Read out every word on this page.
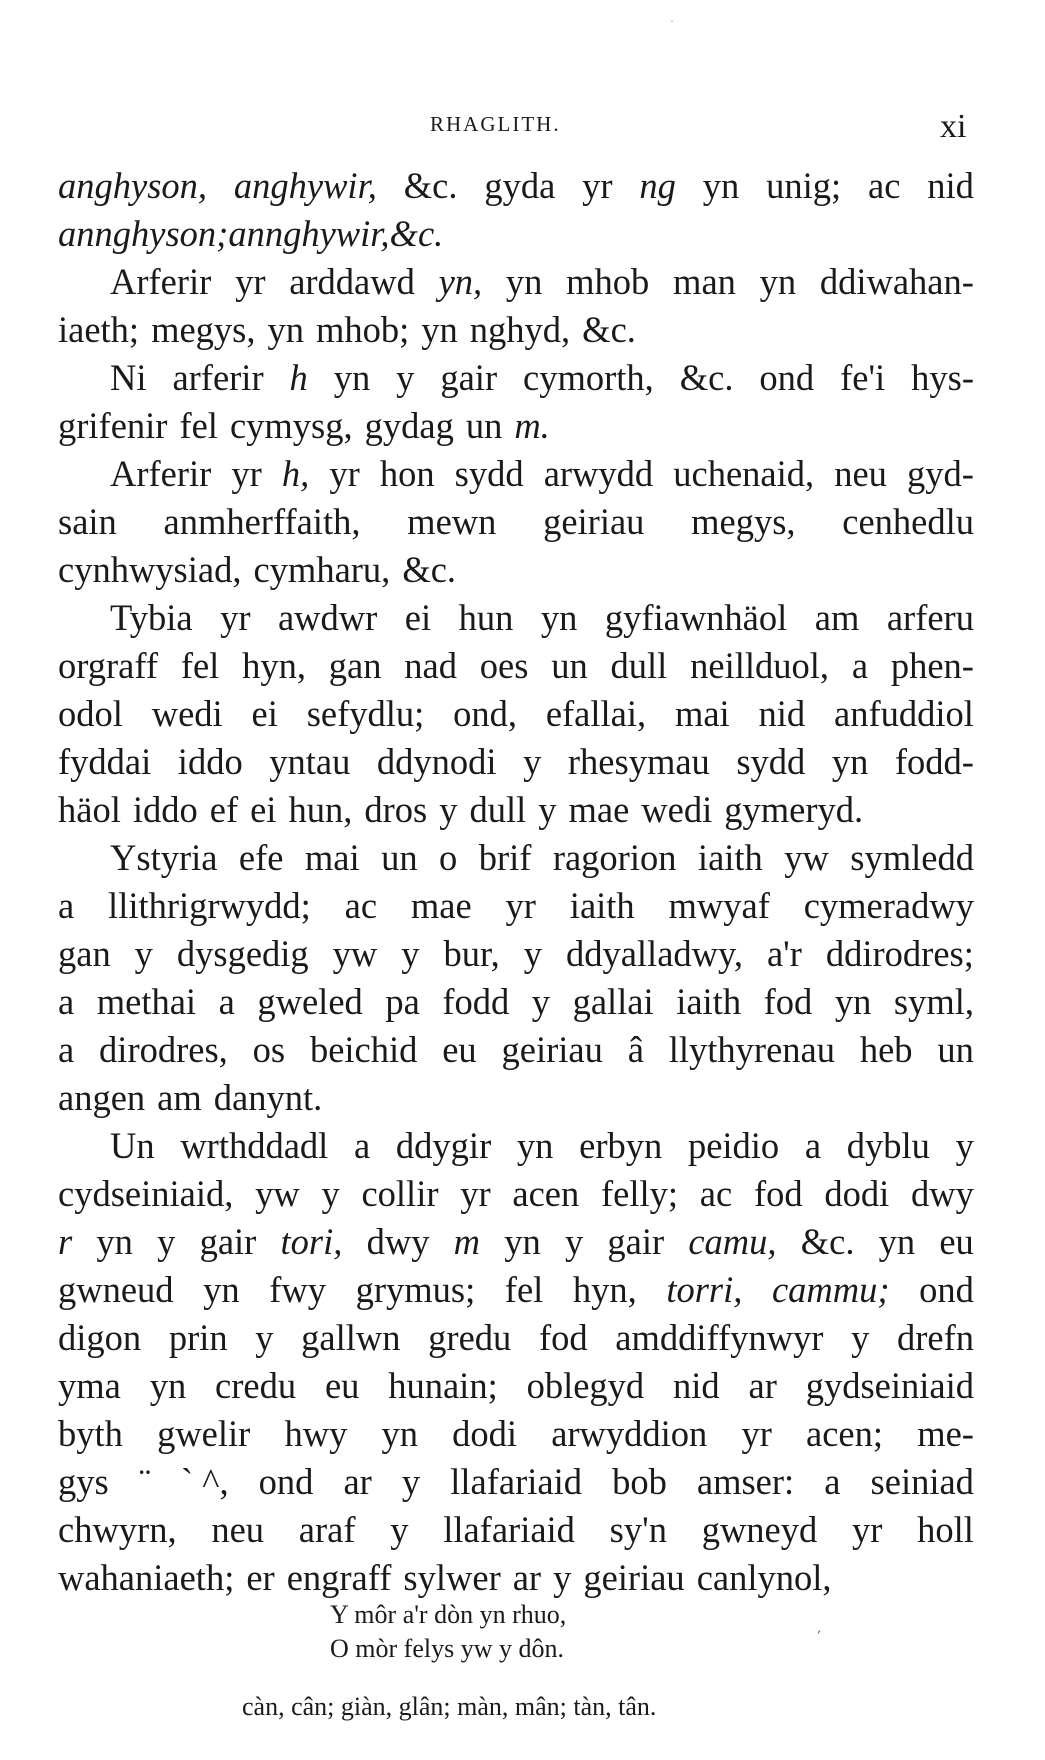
·
RHAGLITH.	xi
anghyson, anghywir, &c. gyda yr ng yn unig; ac nid
annghyson; annghywir, &c.
Arferir yr arddawd yn, yn mhob man yn ddiwahan-
iaeth; megys, yn mhob; yn nghyd, &c.
Ni arferir h yn y gair cymorth, &c. ond fe'i hys-
grifenir fel cymysg, gydag un m.
Arferir yr h, yr hon sydd arwydd uchenaid, neu gyd-
sain anmherffaith, mewn geiriau megys, cenhedlu
cynhwysiad, cymharu, &c.
Tybia yr awdwr ei hun yn gyfiawnhäol am arferu
orgraff fel hyn, gan nad oes un dull neillduol, a phen-
odol wedi ei sefydlu; ond, efallai, mai nid anfuddiol
fyddai iddo yntau ddynodi y rhesymau sydd yn fodd-
häol iddo ef ei hun, dros y dull y mae wedi gymeryd.
Ystyria efe mai un o brif ragorion iaith yw symledd
a llithrigrwydd; ac mae yr iaith mwyaf cymeradwy
gan y dysgedig yw y bur, y ddyalladwy, a'r ddirodres;
a methai a gweled pa fodd y gallai iaith fod yn syml,
a dirodres, os beichid eu geiriau â llythyrenau heb un
angen am danynt.
Un wrthddadl a ddygir yn erbyn peidio a dyblu y
cydseiniaid, yw y collir yr acen felly; ac fod dodi dwy
r yn y gair tori, dwy m yn y gair camu, &c. yn eu
gwneud yn fwy grymus; fel hyn, torri, cammu; ond
digon prin y gallwn gredu fod amddiffynwyr y drefn
yma yn credu eu hunain; oblegyd nid ar gydseiniaid
byth gwelir hwy yn dodi arwyddion yr acen; me-
gys ¨ ` ^, ond ar y llafariaid bob amser: a seiniad
chwyrn, neu araf y llafariaid sy'n gwneyd yr holl
wahaniaeth; er engraff sylwer ar y geiriau canlynol,
Y môr a'r dòn yn rhuo,
O mòr felys yw y dôn.	´
càn, cân; giàn, glân; màn, mân; tàn, tân.
